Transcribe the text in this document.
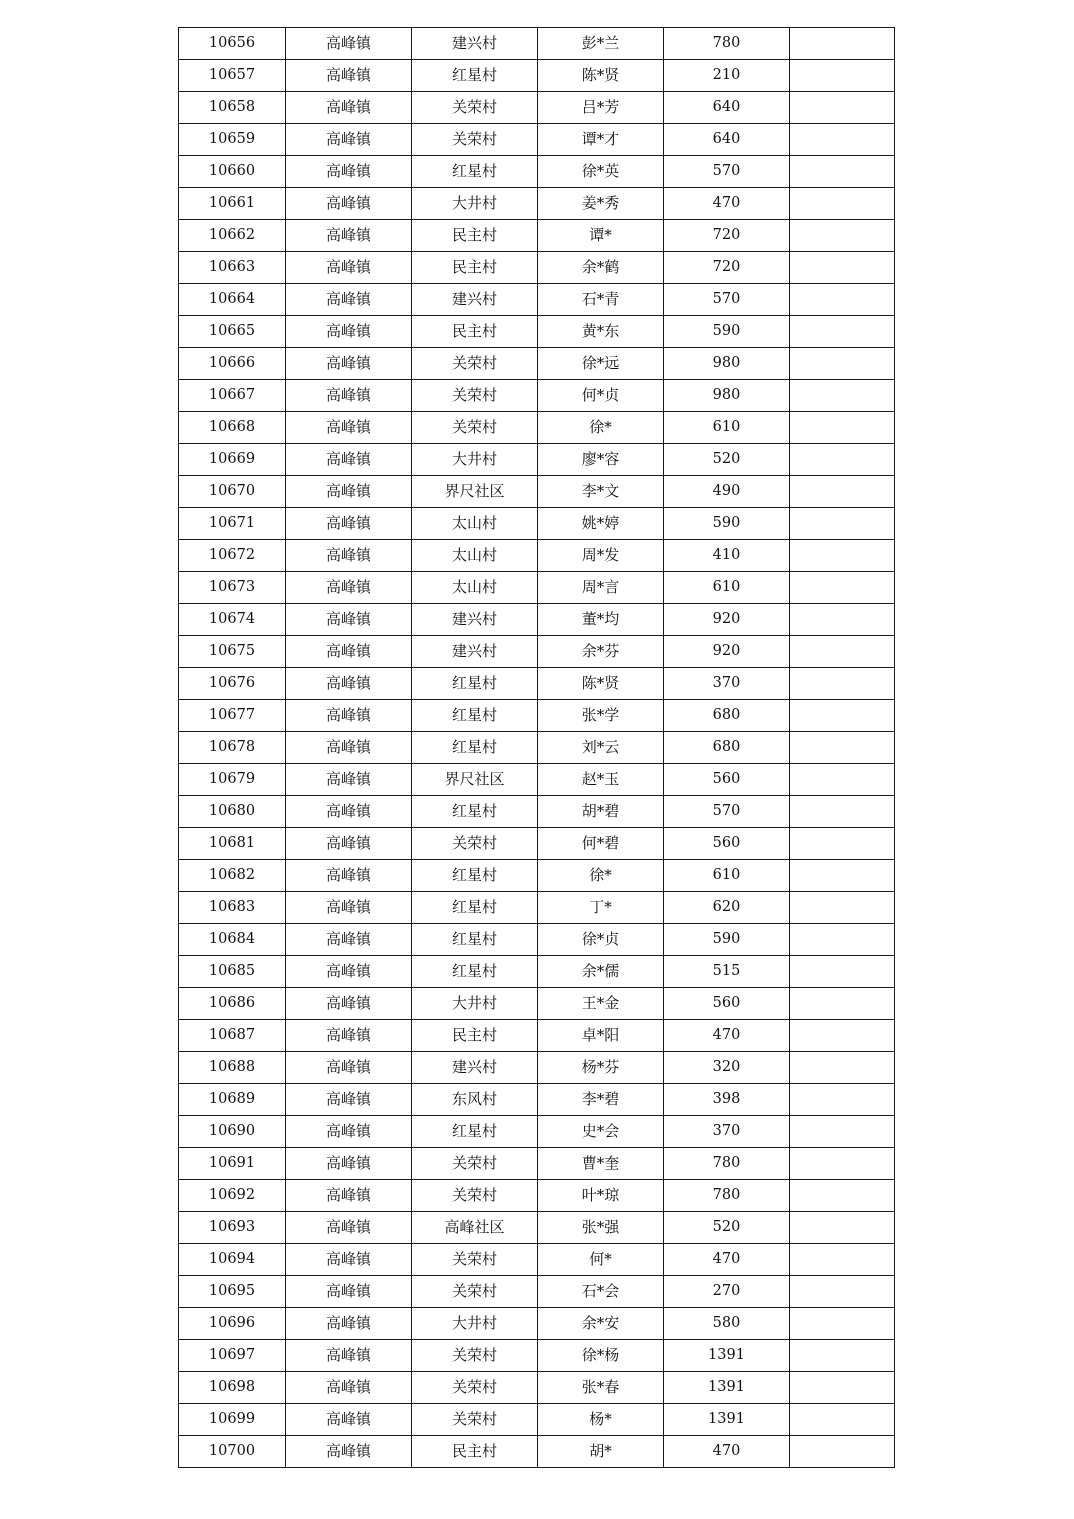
10656	高峰镇	建兴村	彭*兰	780	
10657	高峰镇	红星村	陈*贤	210	
10658	高峰镇	关荣村	吕*芳	640	
10659	高峰镇	关荣村	谭*才	640	
10660	高峰镇	红星村	徐*英	570	
10661	高峰镇	大井村	姜*秀	470	
10662	高峰镇	民主村	谭*	720	
10663	高峰镇	民主村	余*鹤	720	
10664	高峰镇	建兴村	石*青	570	
10665	高峰镇	民主村	黄*东	590	
10666	高峰镇	关荣村	徐*远	980	
10667	高峰镇	关荣村	何*贞	980	
10668	高峰镇	关荣村	徐*	610	
10669	高峰镇	大井村	廖*容	520	
10670	高峰镇	界尺社区	李*文	490	
10671	高峰镇	太山村	姚*婷	590	
10672	高峰镇	太山村	周*发	410	
10673	高峰镇	太山村	周*言	610	
10674	高峰镇	建兴村	董*均	920	
10675	高峰镇	建兴村	余*芬	920	
10676	高峰镇	红星村	陈*贤	370	
10677	高峰镇	红星村	张*学	680	
10678	高峰镇	红星村	刘*云	680	
10679	高峰镇	界尺社区	赵*玉	560	
10680	高峰镇	红星村	胡*碧	570	
10681	高峰镇	关荣村	何*碧	560	
10682	高峰镇	红星村	徐*	610	
10683	高峰镇	红星村	丁*	620	
10684	高峰镇	红星村	徐*贞	590	
10685	高峰镇	红星村	余*儒	515	
10686	高峰镇	大井村	王*金	560	
10687	高峰镇	民主村	卓*阳	470	
10688	高峰镇	建兴村	杨*芬	320	
10689	高峰镇	东风村	李*碧	398	
10690	高峰镇	红星村	史*会	370	
10691	高峰镇	关荣村	曹*奎	780	
10692	高峰镇	关荣村	叶*琼	780	
10693	高峰镇	高峰社区	张*强	520	
10694	高峰镇	关荣村	何*	470	
10695	高峰镇	关荣村	石*会	270	
10696	高峰镇	大井村	余*安	580	
10697	高峰镇	关荣村	徐*杨	1391	
10698	高峰镇	关荣村	张*春	1391	
10699	高峰镇	关荣村	杨*	1391	
10700	高峰镇	民主村	胡*	470	
